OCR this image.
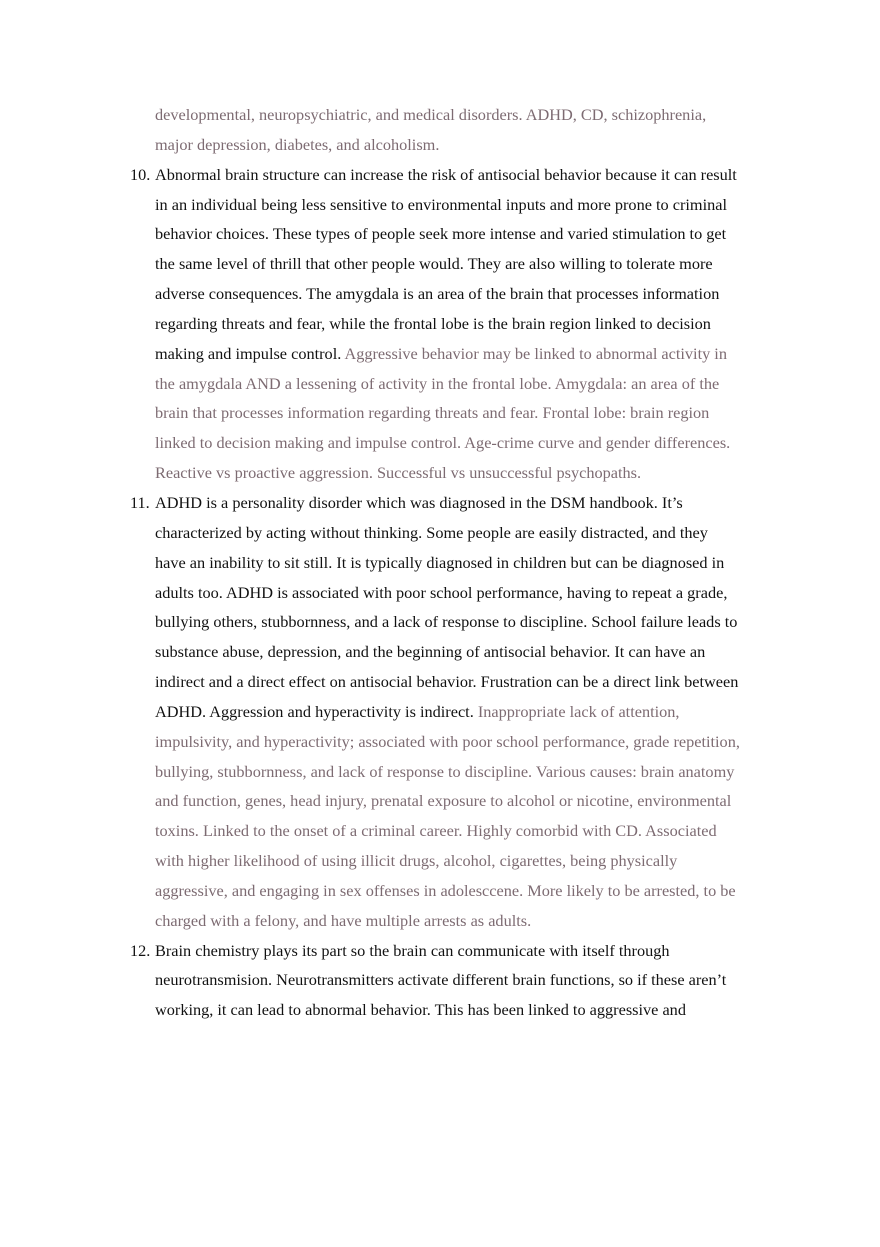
developmental, neuropsychiatric, and medical disorders. ADHD, CD, schizophrenia,
major depression, diabetes, and alcoholism.
10. Abnormal brain structure can increase the risk of antisocial behavior because it can result
in an individual being less sensitive to environmental inputs and more prone to criminal
behavior choices. These types of people seek more intense and varied stimulation to get
the same level of thrill that other people would. They are also willing to tolerate more
adverse consequences. The amygdala is an area of the brain that processes information
regarding threats and fear, while the frontal lobe is the brain region linked to decision
making and impulse control. Aggressive behavior may be linked to abnormal activity in
the amygdala AND a lessening of activity in the frontal lobe. Amygdala: an area of the
brain that processes information regarding threats and fear. Frontal lobe: brain region
linked to decision making and impulse control. Age-crime curve and gender differences.
Reactive vs proactive aggression. Successful vs unsuccessful psychopaths.
11. ADHD is a personality disorder which was diagnosed in the DSM handbook. It’s
characterized by acting without thinking. Some people are easily distracted, and they
have an inability to sit still. It is typically diagnosed in children but can be diagnosed in
adults too. ADHD is associated with poor school performance, having to repeat a grade,
bullying others, stubbornness, and a lack of response to discipline. School failure leads to
substance abuse, depression, and the beginning of antisocial behavior. It can have an
indirect and a direct effect on antisocial behavior. Frustration can be a direct link between
ADHD. Aggression and hyperactivity is indirect. Inappropriate lack of attention,
impulsivity, and hyperactivity; associated with poor school performance, grade repetition,
bullying, stubbornness, and lack of response to discipline. Various causes: brain anatomy
and function, genes, head injury, prenatal exposure to alcohol or nicotine, environmental
toxins. Linked to the onset of a criminal career. Highly comorbid with CD. Associated
with higher likelihood of using illicit drugs, alcohol, cigarettes, being physically
aggressive, and engaging in sex offenses in adolesccene. More likely to be arrested, to be
charged with a felony, and have multiple arrests as adults.
12. Brain chemistry plays its part so the brain can communicate with itself through
neurotransmision. Neurotransmitters activate different brain functions, so if these aren’t
working, it can lead to abnormal behavior. This has been linked to aggressive and
